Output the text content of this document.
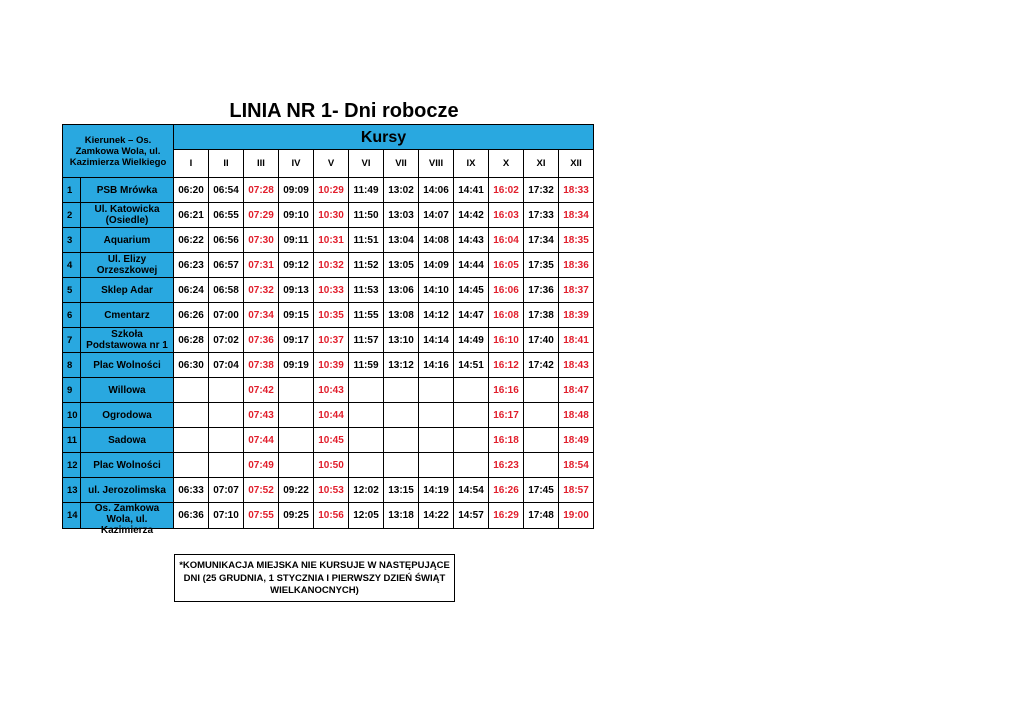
LINIA NR 1- Dni robocze
Kierunek – Os. Zamkowa Wola, ul. Kazimierza Wielkiego		Kursy											
		I	II	III	IV	V	VI	VII	VIII	IX	X	XI	XII
1	PSB Mrówka	06:20	06:54	07:28	09:09	10:29	11:49	13:02	14:06	14:41	16:02	17:32	18:33
2	Ul. Katowicka (Osiedle)	06:21	06:55	07:29	09:10	10:30	11:50	13:03	14:07	14:42	16:03	17:33	18:34
3	Aquarium	06:22	06:56	07:30	09:11	10:31	11:51	13:04	14:08	14:43	16:04	17:34	18:35
4	Ul. Elizy Orzeszkowej	06:23	06:57	07:31	09:12	10:32	11:52	13:05	14:09	14:44	16:05	17:35	18:36
5	Sklep Adar	06:24	06:58	07:32	09:13	10:33	11:53	13:06	14:10	14:45	16:06	17:36	18:37
6	Cmentarz	06:26	07:00	07:34	09:15	10:35	11:55	13:08	14:12	14:47	16:08	17:38	18:39
7	Szkoła Podstawowa nr 1	06:28	07:02	07:36	09:17	10:37	11:57	13:10	14:14	14:49	16:10	17:40	18:41
8	Plac Wolności	06:30	07:04	07:38	09:19	10:39	11:59	13:12	14:16	14:51	16:12	17:42	18:43
9	Willowa			07:42		10:43					16:16		18:47
10	Ogrodowa			07:43		10:44					16:17		18:48
11	Sadowa			07:44		10:45					16:18		18:49
12	Plac Wolności			07:49		10:50					16:23		18:54
13	ul. Jerozolimska	06:33	07:07	07:52	09:22	10:53	12:02	13:15	14:19	14:54	16:26	17:45	18:57
14	Os. Zamkowa Wola, ul. Kazimierza	06:36	07:10	07:55	09:25	10:56	12:05	13:18	14:22	14:57	16:29	17:48	19:00
*KOMUNIKACJA MIEJSKA NIE KURSUJE W NASTĘPUJĄCE DNI (25 GRUDNIA, 1 STYCZNIA I PIERWSZY DZIEŃ ŚWIĄT WIELKANOCNYCH)
